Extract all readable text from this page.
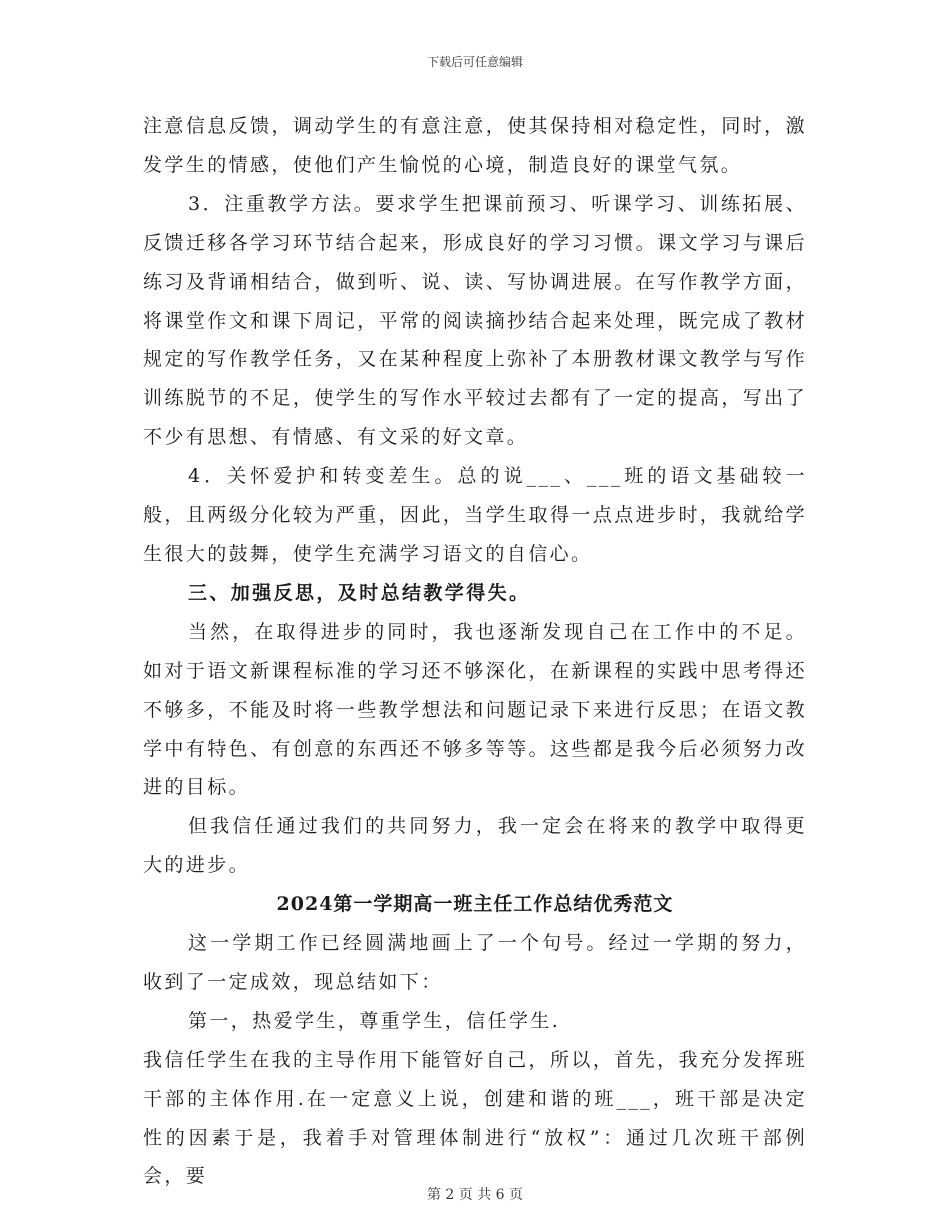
下载后可任意编辑

注意信息反馈，调动学生的有意注意，使其保持相对稳定性，同时，激发学生的情感，使他们产生愉悦的心境，制造良好的课堂气氛。

3．注重教学方法。要求学生把课前预习、听课学习、训练拓展、反馈迁移各学习环节结合起来，形成良好的学习习惯。课文学习与课后练习及背诵相结合，做到听、说、读、写协调进展。在写作教学方面，将课堂作文和课下周记，平常的阅读摘抄结合起来处理，既完成了教材规定的写作教学任务，又在某种程度上弥补了本册教材课文教学与写作训练脱节的不足，使学生的写作水平较过去都有了一定的提高，写出了不少有思想、有情感、有文采的好文章。

4．关怀爱护和转变差生。总的说___、___班的语文基础较一般，且两级分化较为严重，因此，当学生取得一点点进步时，我就给学生很大的鼓舞，使学生充满学习语文的自信心。

三、加强反思，及时总结教学得失。

当然，在取得进步的同时，我也逐渐发现自己在工作中的不足。如对于语文新课程标准的学习还不够深化，在新课程的实践中思考得还不够多，不能及时将一些教学想法和问题记录下来进行反思；在语文教学中有特色、有创意的东西还不够多等等。这些都是我今后必须努力改进的目标。

但我信任通过我们的共同努力，我一定会在将来的教学中取得更大的进步。

2024第一学期高一班主任工作总结优秀范文

这一学期工作已经圆满地画上了一个句号。经过一学期的努力，收到了一定成效，现总结如下：

第一，热爱学生，尊重学生，信任学生.

我信任学生在我的主导作用下能管好自己，所以，首先，我充分发挥班干部的主体作用.在一定意义上说，创建和谐的班___，班干部是决定性的因素于是，我着手对管理体制进行“放权”：通过几次班干部例会，要

第 2 页 共 6 页
